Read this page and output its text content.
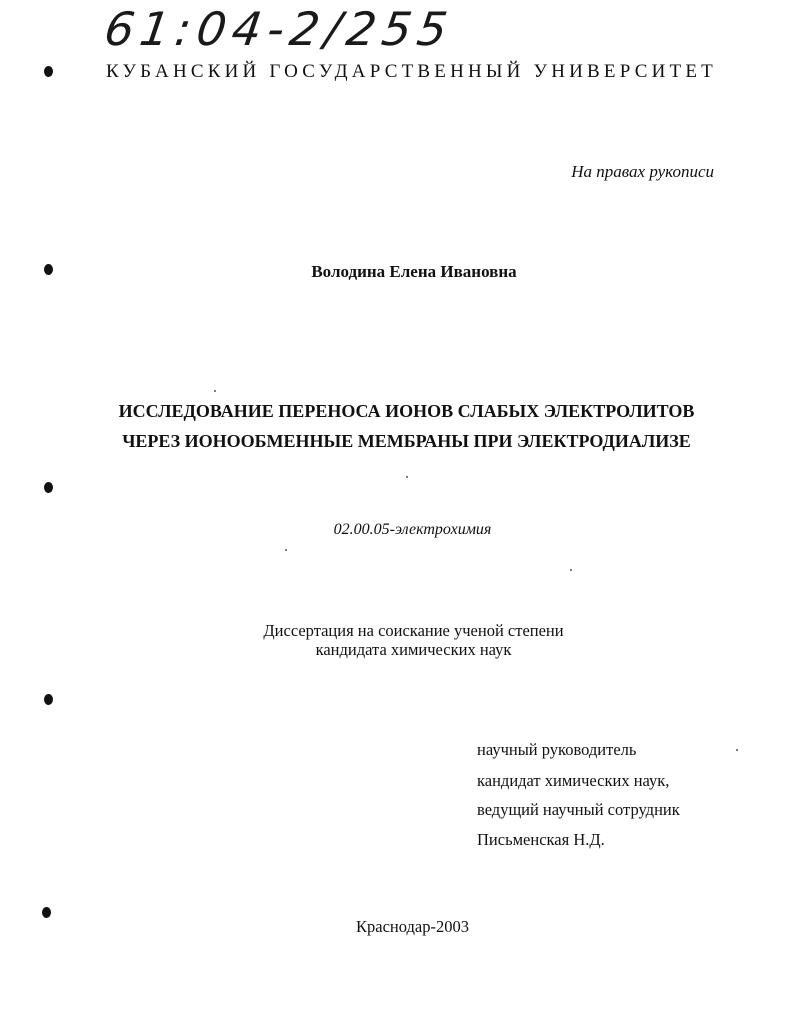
61:04-2/255
КУБАНСКИЙ ГОСУДАРСТВЕННЫЙ УНИВЕРСИТЕТ
На правах рукописи
Володина Елена Ивановна
ИССЛЕДОВАНИЕ ПЕРЕНОСА ИОНОВ СЛАБЫХ ЭЛЕКТРОЛИТОВ
ЧЕРЕЗ ИОНООБМЕННЫЕ МЕМБРАНЫ ПРИ ЭЛЕКТРОДИАЛИЗЕ
02.00.05-электрохимия
Диссертация на соискание ученой степени
кандидата химических наук
научный руководитель
кандидат химических наук,
ведущий научный сотрудник
Письменская Н.Д.
Краснодар-2003
